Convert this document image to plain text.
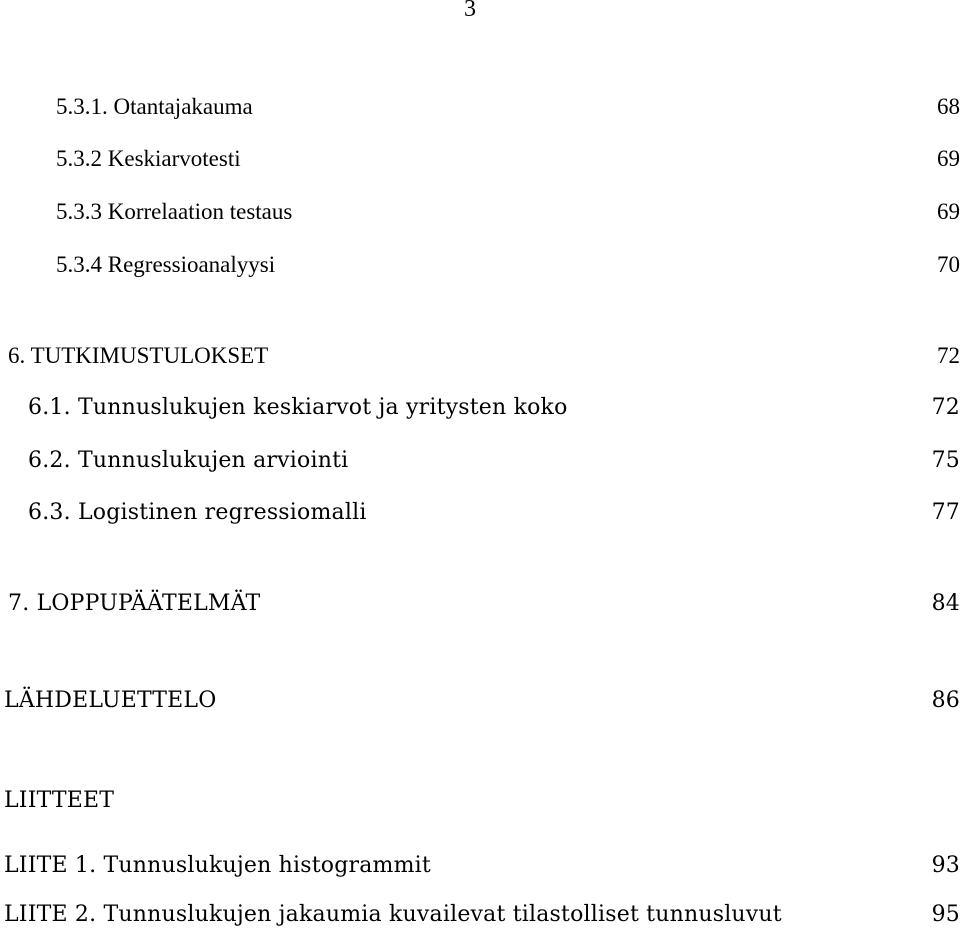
3
5.3.1. Otantajakauma	68
5.3.2 Keskiarvotesti	69
5.3.3 Korrelaation testaus	69
5.3.4 Regressioanalyysi	70
6. TUTKIMUSTULOKSET	72
6.1. Tunnuslukujen keskiarvot ja yritysten koko	72
6.2. Tunnuslukujen arviointi	75
6.3. Logistinen regressiomalli	77
7. LOPPUPÄÄTELMÄT	84
LÄHDELUETTELO	86
LIITTEET
LIITE 1. Tunnuslukujen histogrammit	93
LIITE 2. Tunnuslukujen jakaumia kuvailevat tilastolliset tunnusluvut	95
